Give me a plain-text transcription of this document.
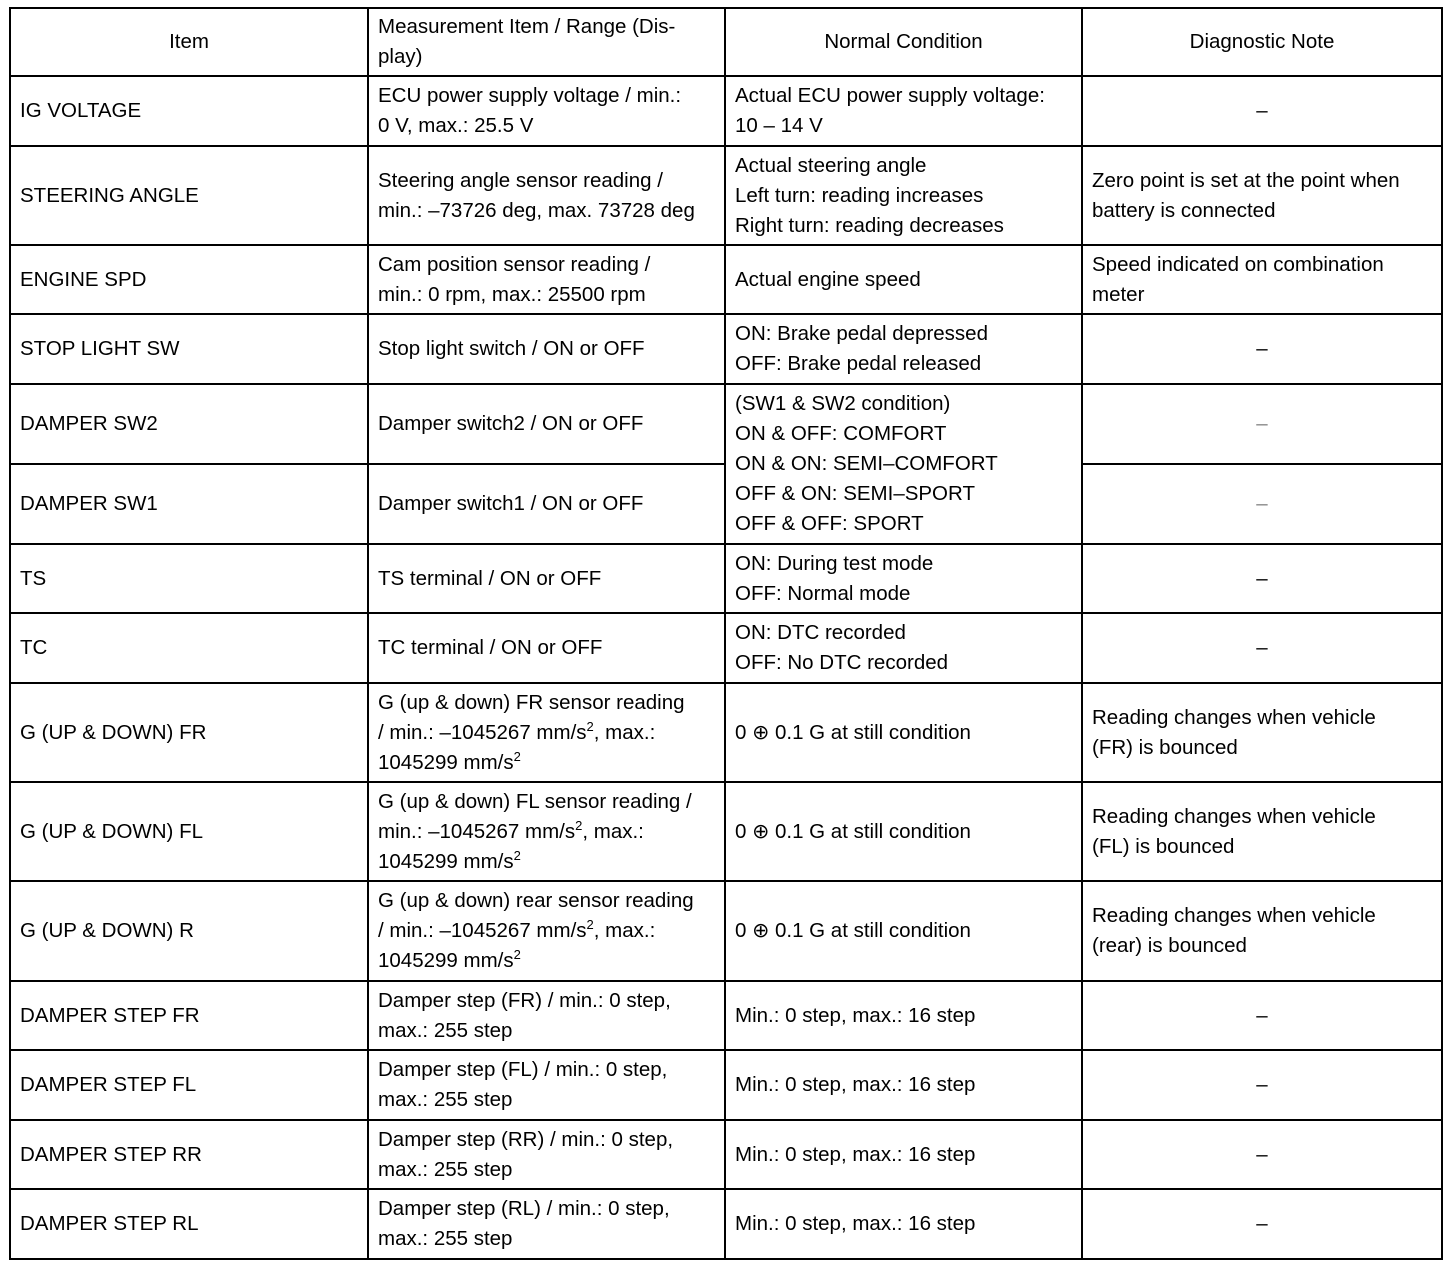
Item	Measurement Item / Range (Dis-
play)	Normal Condition	Diagnostic Note
IG VOLTAGE	ECU power supply voltage / min.:
0 V, max.: 25.5 V	Actual ECU power supply voltage:
10 – 14 V	–
STEERING ANGLE	Steering angle sensor reading /
min.: –73726 deg, max. 73728 deg	Actual steering angle
Left turn: reading increases
Right turn: reading decreases	Zero point is set at the point when
battery is connected
ENGINE SPD	Cam position sensor reading /
min.: 0 rpm, max.: 25500 rpm	Actual engine speed	Speed indicated on combination
meter
STOP LIGHT SW	Stop light switch / ON or OFF	ON: Brake pedal depressed
OFF: Brake pedal released	–
DAMPER SW2	Damper switch2 / ON or OFF	(SW1 & SW2 condition)
ON & OFF: COMFORT
ON & ON: SEMI–COMFORT
OFF & ON: SEMI–SPORT
OFF & OFF: SPORT	–
DAMPER SW1	Damper switch1 / ON or OFF		–
TS	TS terminal / ON or OFF	ON: During test mode
OFF: Normal mode	–
TC	TC terminal / ON or OFF	ON: DTC recorded
OFF: No DTC recorded	–
G (UP & DOWN) FR	G (up & down) FR sensor reading
/ min.: –1045267 $mm/s^2$, max.:
1045299 $mm/s^2$	0 ⊕ 0.1 G at still condition	Reading changes when vehicle
(FR) is bounced
G (UP & DOWN) FL	G (up & down) FL sensor reading /
min.: –1045267 $mm/s^2$, max.:
1045299 $mm/s^2$	0 ⊕ 0.1 G at still condition	Reading changes when vehicle
(FL) is bounced
G (UP & DOWN) R	G (up & down) rear sensor reading
/ min.: –1045267 $mm/s^2$, max.:
1045299 $mm/s^2$	0 ⊕ 0.1 G at still condition	Reading changes when vehicle
(rear) is bounced
DAMPER STEP FR	Damper step (FR) / min.: 0 step,
max.: 255 step	Min.: 0 step, max.: 16 step	–
DAMPER STEP FL	Damper step (FL) / min.: 0 step,
max.: 255 step	Min.: 0 step, max.: 16 step	–
DAMPER STEP RR	Damper step (RR) / min.: 0 step,
max.: 255 step	Min.: 0 step, max.: 16 step	–
DAMPER STEP RL	Damper step (RL) / min.: 0 step,
max.: 255 step	Min.: 0 step, max.: 16 step	–
